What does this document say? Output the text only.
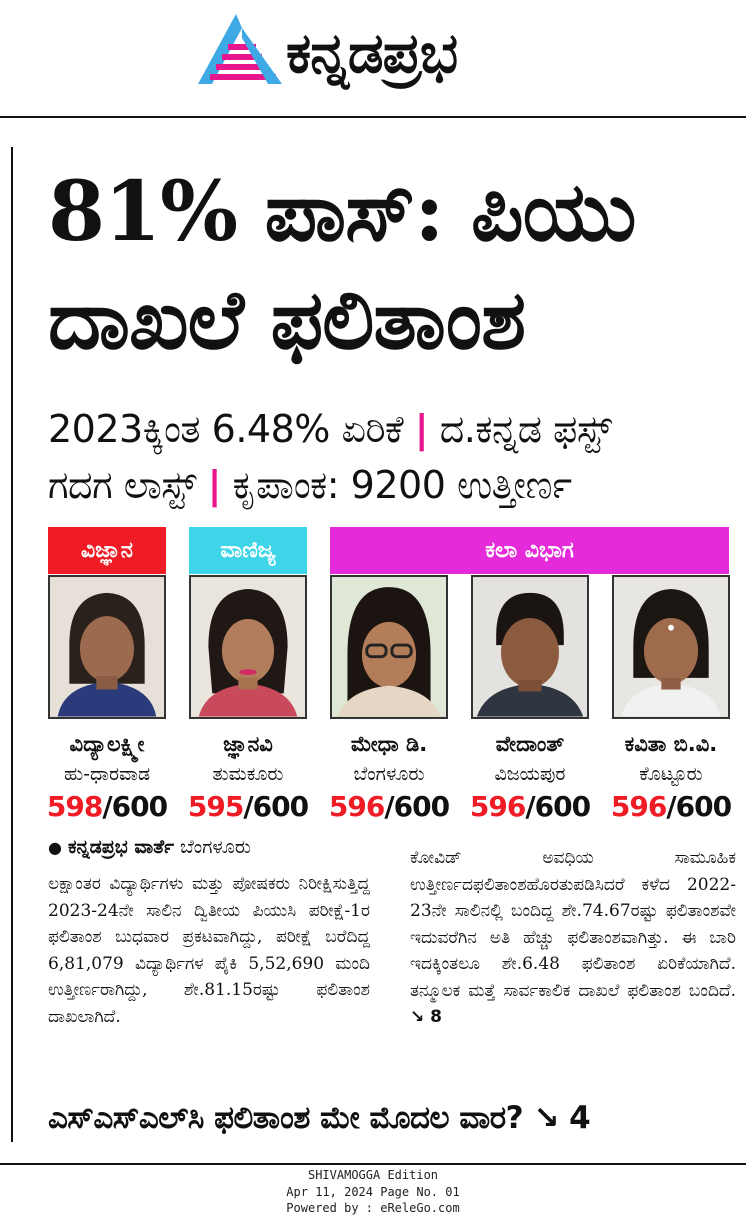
ಕನ್ನಡಪ್ರಭ
81% ಪಾಸ್: ಪಿಯು
ದಾಖಲೆ ಫಲಿತಾಂಶ
2023ಕ್ಕಿಂತ 6.48% ಏರಿಕೆ | ದ.ಕನ್ನಡ ಫಸ್ಟ್
ಗದಗ ಲಾಸ್ಟ್ | ಕೃಪಾಂಕ: 9200 ಉತ್ತೀರ್ಣ
ವಿಜ್ಞಾನ	ವಾಣಿಜ್ಯ	ಕಲಾ ವಿಭಾಗ
ವಿದ್ಯಾಲಕ್ಷ್ಮೀ	ಜ್ಞಾನವಿ	ಮೇಧಾ ಡಿ.	ವೇದಾಂತ್	ಕವಿತಾ ಬಿ.ವಿ.
ಹು-ಧಾರವಾಡ	ತುಮಕೂರು	ಬೆಂಗಳೂರು	ವಿಜಯಪುರ	ಕೊಟ್ಟೂರು
598/600 595/600 596/600 596/600 596/600
● ಕನ್ನಡಪ್ರಭ ವಾರ್ತೆ ಬೆಂಗಳೂರು
ಲಕ್ಷಾಂತರ ವಿದ್ಯಾರ್ಥಿಗಳು ಮತ್ತು ಪೋಷಕರು ನಿರೀಕ್ಷಿಸುತ್ತಿದ್ದ 2023-24ನೇ ಸಾಲಿನ ದ್ವಿತೀಯ ಪಿಯುಸಿ ಪರೀಕ್ಷೆ-1ರ ಫಲಿತಾಂಶ ಬುಧವಾರ ಪ್ರಕಟವಾಗಿದ್ದು, ಪರೀಕ್ಷೆ ಬರೆದಿದ್ದ 6,81,079 ವಿದ್ಯಾರ್ಥಿಗಳ ಪೈಕಿ 5,52,690 ಮಂದಿ ಉತ್ತೀರ್ಣರಾಗಿದ್ದು, ಶೇ.81.15ರಷ್ಟು ಫಲಿತಾಂಶ ದಾಖಲಾಗಿದೆ.
ಕೋವಿಡ್ ಅವಧಿಯ ಸಾಮೂಹಿಕ ಉತ್ತೀರ್ಣದಫಲಿತಾಂಶಹೊರತುಪಡಿಸಿದರೆ ಕಳೆದ 2022-23ನೇ ಸಾಲಿನಲ್ಲಿ ಬಂದಿದ್ದ ಶೇ.74.67ರಷ್ಟು ಫಲಿತಾಂಶವೇ ಇದುವರೆಗಿನ ಅತಿ ಹೆಚ್ಚು ಫಲಿತಾಂಶವಾಗಿತ್ತು. ಈ ಬಾರಿ ಇದಕ್ಕಿಂತಲೂ ಶೇ.6.48 ಫಲಿತಾಂಶ ಏರಿಕೆಯಾಗಿದೆ. ತನ್ಮೂಲಕ ಮತ್ತೆ ಸಾರ್ವಕಾಲಿಕ ದಾಖಲೆ ಫಲಿತಾಂಶ ಬಂದಿದೆ. ↘ 8
ಎಸ್ಎಸ್ಎಲ್‌ಸಿ ಫಲಿತಾಂಶ ಮೇ ಮೊದಲ ವಾರ? ↘ 4
SHIVAMOGGA Edition
Apr 11, 2024 Page No. 01
Powered by : eReleGo.com
